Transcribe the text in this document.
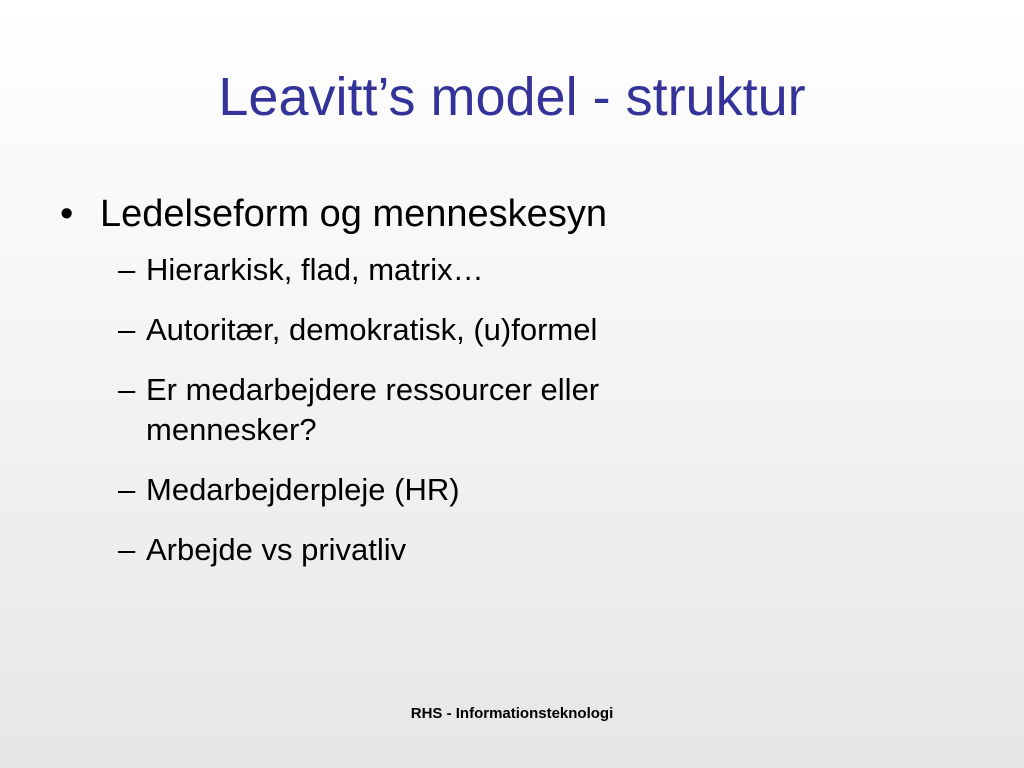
Leavitt’s model - struktur
• Ledelseform og menneskesyn
– Hierarkisk, flad, matrix…
– Autoritær, demokratisk, (u)formel
– Er medarbejdere ressourcer eller mennesker?
– Medarbejderpleje (HR)
– Arbejde vs privatliv
RHS - Informationsteknologi
